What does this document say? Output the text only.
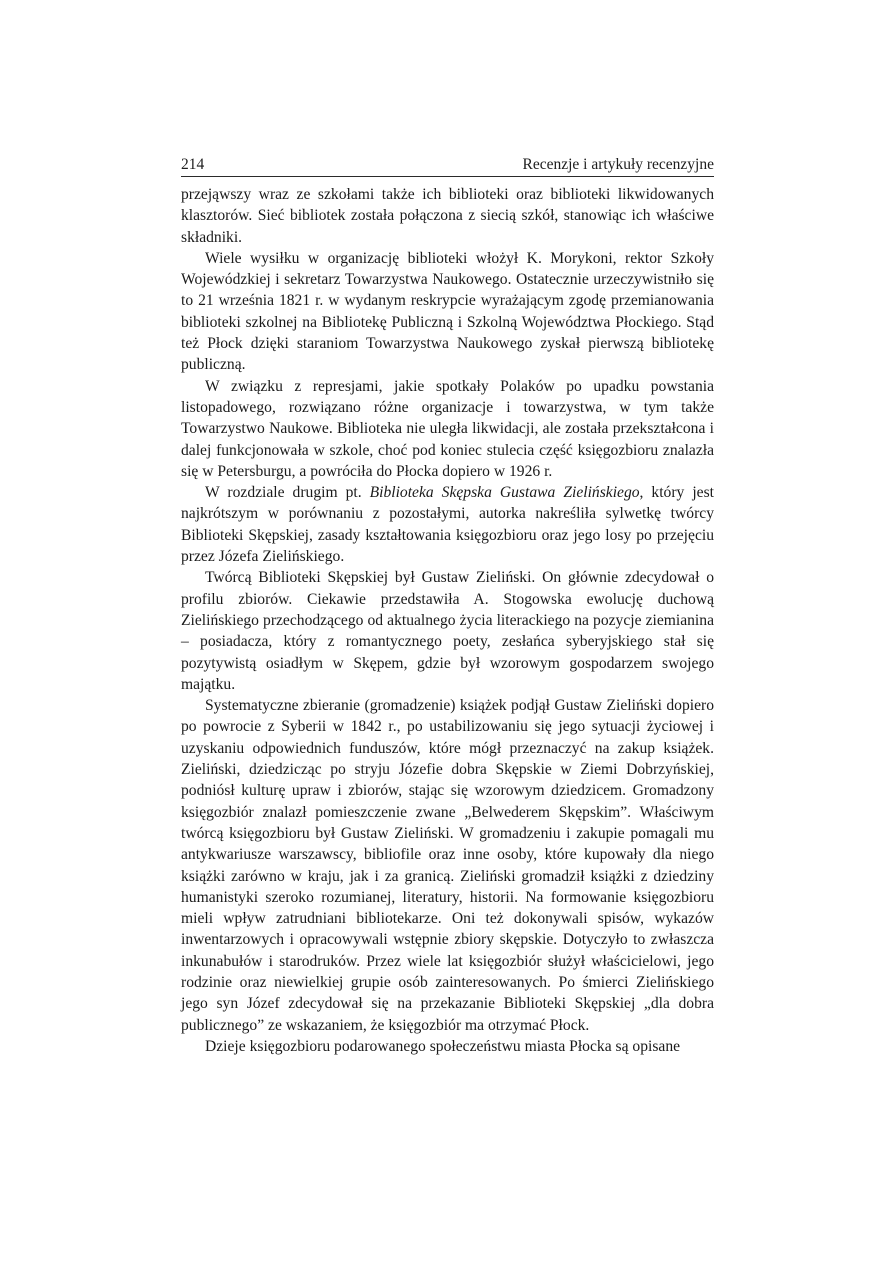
214	Recenzje i artykuły recenzyjne

przejąwszy wraz ze szkołami także ich biblioteki oraz biblioteki likwidowanych klasztorów. Sieć bibliotek została połączona z siecią szkół, stanowiąc ich właściwe składniki.

Wiele wysiłku w organizację biblioteki włożył K. Morykoni, rektor Szkoły Wojewódzkiej i sekretarz Towarzystwa Naukowego. Ostatecznie urzeczywistniło się to 21 września 1821 r. w wydanym reskrypcie wyrażającym zgodę przemianowania biblioteki szkolnej na Bibliotekę Publiczną i Szkolną Województwa Płockiego. Stąd też Płock dzięki staraniom Towarzystwa Naukowego zyskał pierwszą bibliotekę publiczną.

W związku z represjami, jakie spotkały Polaków po upadku powstania listopadowego, rozwiązano różne organizacje i towarzystwa, w tym także Towarzystwo Naukowe. Biblioteka nie uległa likwidacji, ale została przekształcona i dalej funkcjonowała w szkole, choć pod koniec stulecia część księgozbioru znalazła się w Petersburgu, a powróciła do Płocka dopiero w 1926 r.

W rozdziale drugim pt. Biblioteka Skępska Gustawa Zielińskiego, który jest najkrótszym w porównaniu z pozostałymi, autorka nakreśliła sylwetkę twórcy Biblioteki Skępskiej, zasady kształtowania księgozbioru oraz jego losy po przejęciu przez Józefa Zielińskiego.

Twórcą Biblioteki Skępskiej był Gustaw Zieliński. On głównie zdecydował o profilu zbiorów. Ciekawie przedstawiła A. Stogowska ewolucję duchową Zielińskiego przechodzącego od aktualnego życia literackiego na pozycje ziemianina – posiadacza, który z romantycznego poety, zesłańca syberyjskiego stał się pozytywistą osiadłym w Skępem, gdzie był wzorowym gospodarzem swojego majątku.

Systematyczne zbieranie (gromadzenie) książek podjął Gustaw Zieliński dopiero po powrocie z Syberii w 1842 r., po ustabilizowaniu się jego sytuacji życiowej i uzyskaniu odpowiednich funduszów, które mógł przeznaczyć na zakup książek. Zieliński, dziedzicząc po stryju Józefie dobra Skępskie w Ziemi Dobrzyńskiej, podniósł kulturę upraw i zbiorów, stając się wzorowym dziedzicem. Gromadzony księgozbiór znalazł pomieszczenie zwane „Belwederem Skępskim”. Właściwym twórcą księgozbioru był Gustaw Zieliński. W gromadzeniu i zakupie pomagali mu antykwariusze warszawscy, bibliofile oraz inne osoby, które kupowały dla niego książki zarówno w kraju, jak i za granicą. Zieliński gromadził książki z dziedziny humanistyki szeroko rozumianej, literatury, historii. Na formowanie księgozbioru mieli wpływ zatrudniani bibliotekarze. Oni też dokonywali spisów, wykazów inwentarzowych i opracowywali wstępnie zbiory skępskie. Dotyczyło to zwłaszcza inkunabułów i starodruków. Przez wiele lat księgozbiór służył właścicielowi, jego rodzinie oraz niewielkiej grupie osób zainteresowanych. Po śmierci Zielińskiego jego syn Józef zdecydował się na przekazanie Biblioteki Skępskiej „dla dobra publicznego” ze wskazaniem, że księgozbiór ma otrzymać Płock.

Dzieje księgozbioru podarowanego społeczeństwu miasta Płocka są opisane
